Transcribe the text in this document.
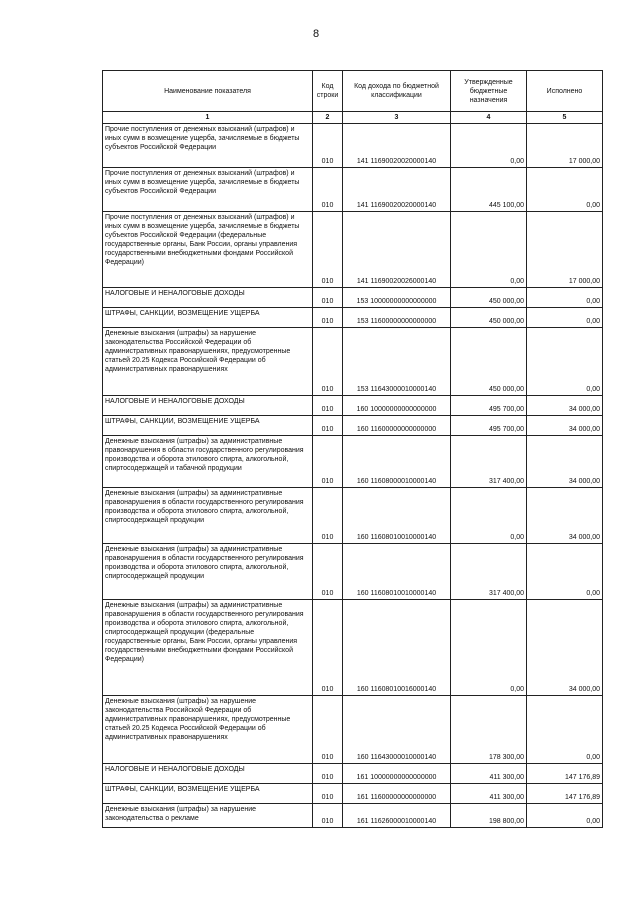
8
Наименование показателя	Код строки	Код дохода по бюджетной классификации	Утвержденные бюджетные назначения	Исполнено
1	2	3	4	5
Прочие поступления от денежных взысканий (штрафов) и иных сумм в возмещение ущерба, зачисляемые в бюджеты субъектов Российской Федерации	010	141 11690020020000140	0,00	17 000,00
Прочие поступления от денежных взысканий (штрафов) и иных сумм в возмещение ущерба, зачисляемые в бюджеты субъектов Российской Федерации	010	141 11690020020000140	445 100,00	0,00
Прочие поступления от денежных взысканий (штрафов) и иных сумм в возмещение ущерба, зачисляемые в бюджеты субъектов Российской Федерации (федеральные государственные органы, Банк России, органы управления государственными внебюджетными фондами Российской Федерации)	010	141 11690020026000140	0,00	17 000,00
НАЛОГОВЫЕ И НЕНАЛОГОВЫЕ ДОХОДЫ	010	153 10000000000000000	450 000,00	0,00
ШТРАФЫ, САНКЦИИ, ВОЗМЕЩЕНИЕ УЩЕРБА	010	153 11600000000000000	450 000,00	0,00
Денежные взыскания (штрафы) за нарушение законодательства Российской Федерации об административных правонарушениях, предусмотренные статьей 20.25 Кодекса Российской Федерации об административных правонарушениях	010	153 11643000010000140	450 000,00	0,00
НАЛОГОВЫЕ И НЕНАЛОГОВЫЕ ДОХОДЫ	010	160 10000000000000000	495 700,00	34 000,00
ШТРАФЫ, САНКЦИИ, ВОЗМЕЩЕНИЕ УЩЕРБА	010	160 11600000000000000	495 700,00	34 000,00
Денежные взыскания (штрафы) за административные правонарушения в области государственного регулирования производства и оборота этилового спирта, алкогольной, спиртосодержащей и табачной продукции	010	160 11608000010000140	317 400,00	34 000,00
Денежные взыскания (штрафы) за административные правонарушения в области государственного регулирования производства и оборота этилового спирта, алкогольной, спиртосодержащей продукции	010	160 11608010010000140	0,00	34 000,00
Денежные взыскания (штрафы) за административные правонарушения в области государственного регулирования производства и оборота этилового спирта, алкогольной, спиртосодержащей продукции	010	160 11608010010000140	317 400,00	0,00
Денежные взыскания (штрафы) за административные правонарушения в области государственного регулирования производства и оборота этилового спирта, алкогольной, спиртосодержащей продукции (федеральные государственные органы, Банк России, органы управления государственными внебюджетными фондами Российской Федерации)	010	160 11608010016000140	0,00	34 000,00
Денежные взыскания (штрафы) за нарушение законодательства Российской Федерации об административных правонарушениях, предусмотренные статьей 20.25 Кодекса Российской Федерации об административных правонарушениях	010	160 11643000010000140	178 300,00	0,00
НАЛОГОВЫЕ И НЕНАЛОГОВЫЕ ДОХОДЫ	010	161 10000000000000000	411 300,00	147 176,89
ШТРАФЫ, САНКЦИИ, ВОЗМЕЩЕНИЕ УЩЕРБА	010	161 11600000000000000	411 300,00	147 176,89
Денежные взыскания (штрафы) за нарушение законодательства о рекламе	010	161 11626000010000140	198 800,00	0,00
